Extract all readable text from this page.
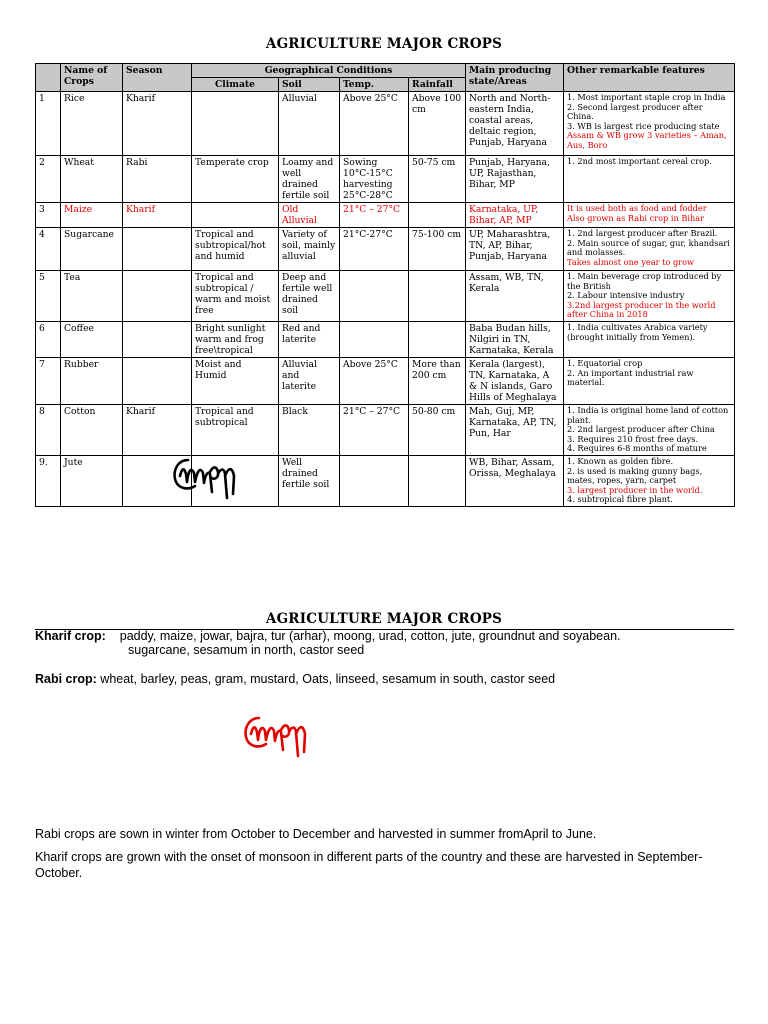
AGRICULTURE MAJOR CROPS
	Name of Crops	Season	Geographical Conditions				Main producing state/Areas	Other remarkable features
			Climate	Soil	Temp.	Rainfall		
1	Rice	Kharif		Alluvial	Above 25°C	Above 100 cm	North and North-eastern India, coastal areas, deltaic region, Punjab, Haryana	1. Most important staple crop in India
2. Second largest producer after China.
3. WB is largest rice producing state
Assam & WB grow 3 varieties – Aman, Aus, Boro

2	Wheat	Rabi	Temperate crop	Loamy and well drained fertile soil	Sowing 10°C-15°C harvesting 25°C-28°C	50-75 cm	Punjab, Haryana, UP, Rajasthan, Bihar, MP	1. 2nd most important cereal crop.

3	Maize	Kharif		Old Alluvial	21°C – 27°C		Karnataka, UP, Bihar, AP, MP	It is used both as food and fodder
Also grown as Rabi crop in Bihar

4	Sugarcane		Tropical and subtropical/hot and humid	Variety of soil, mainly alluvial	21°C-27°C	75-100 cm	UP, Maharashtra, TN, AP, Bihar, Punjab, Haryana	1. 2nd largest producer after Brazil.
2. Main source of sugar, gur, khandsari and molasses.
Takes almost one year to grow

5	Tea		Tropical and subtropical / warm and moist free	Deep and fertile well drained soil			Assam, WB, TN, Kerala	1. Main beverage crop introduced by the British
2. Labour intensive industry
3.2nd largest producer in the world after China in 2018

6	Coffee		Bright sunlight warm and frog free\tropical	Red and laterite			Baba Budan hills, Nilgiri in TN, Karnataka, Kerala	1. India cultivates Arabica variety (brought initially from Yemen).

7	Rubber		Moist and Humid	Alluvial and laterite	Above 25°C	More than 200 cm	Kerala (largest), TN, Karnataka, A & N islands, Garo Hills of Meghalaya	1. Equatorial crop
2. An important industrial raw material.

8	Cotton	Kharif	Tropical and subtropical	Black	21°C – 27°C	50-80 cm	Mah, Guj, MP, Karnataka, AP, TN, Pun, Har	1. India is original home land of cotton plant.
2. 2nd largest producer after China
3. Requires 210 frost free days.
4. Requires 6-8 months of mature

9.	Jute			Well drained fertile soil			WB, Bihar, Assam, Orissa, Meghalaya	1. Known as golden fibre.
2. is used is making gunny bags, mates, ropes, yarn, carpet
3. largest producer in the world.
4. subtropical fibre plant.
AGRICULTURE MAJOR CROPS
Kharif crop: paddy, maize, jowar, bajra, tur (arhar), moong, urad, cotton, jute, groundnut and soyabean.
sugarcane, sesamum in north, castor seed
Rabi crop: wheat, barley, peas, gram, mustard, Oats, linseed, sesamum in south, castor seed
Rabi crops are sown in winter from October to December and harvested in summer fromApril to June.
Kharif crops are grown with the onset of monsoon in different parts of the country and these are harvested in September-October.
